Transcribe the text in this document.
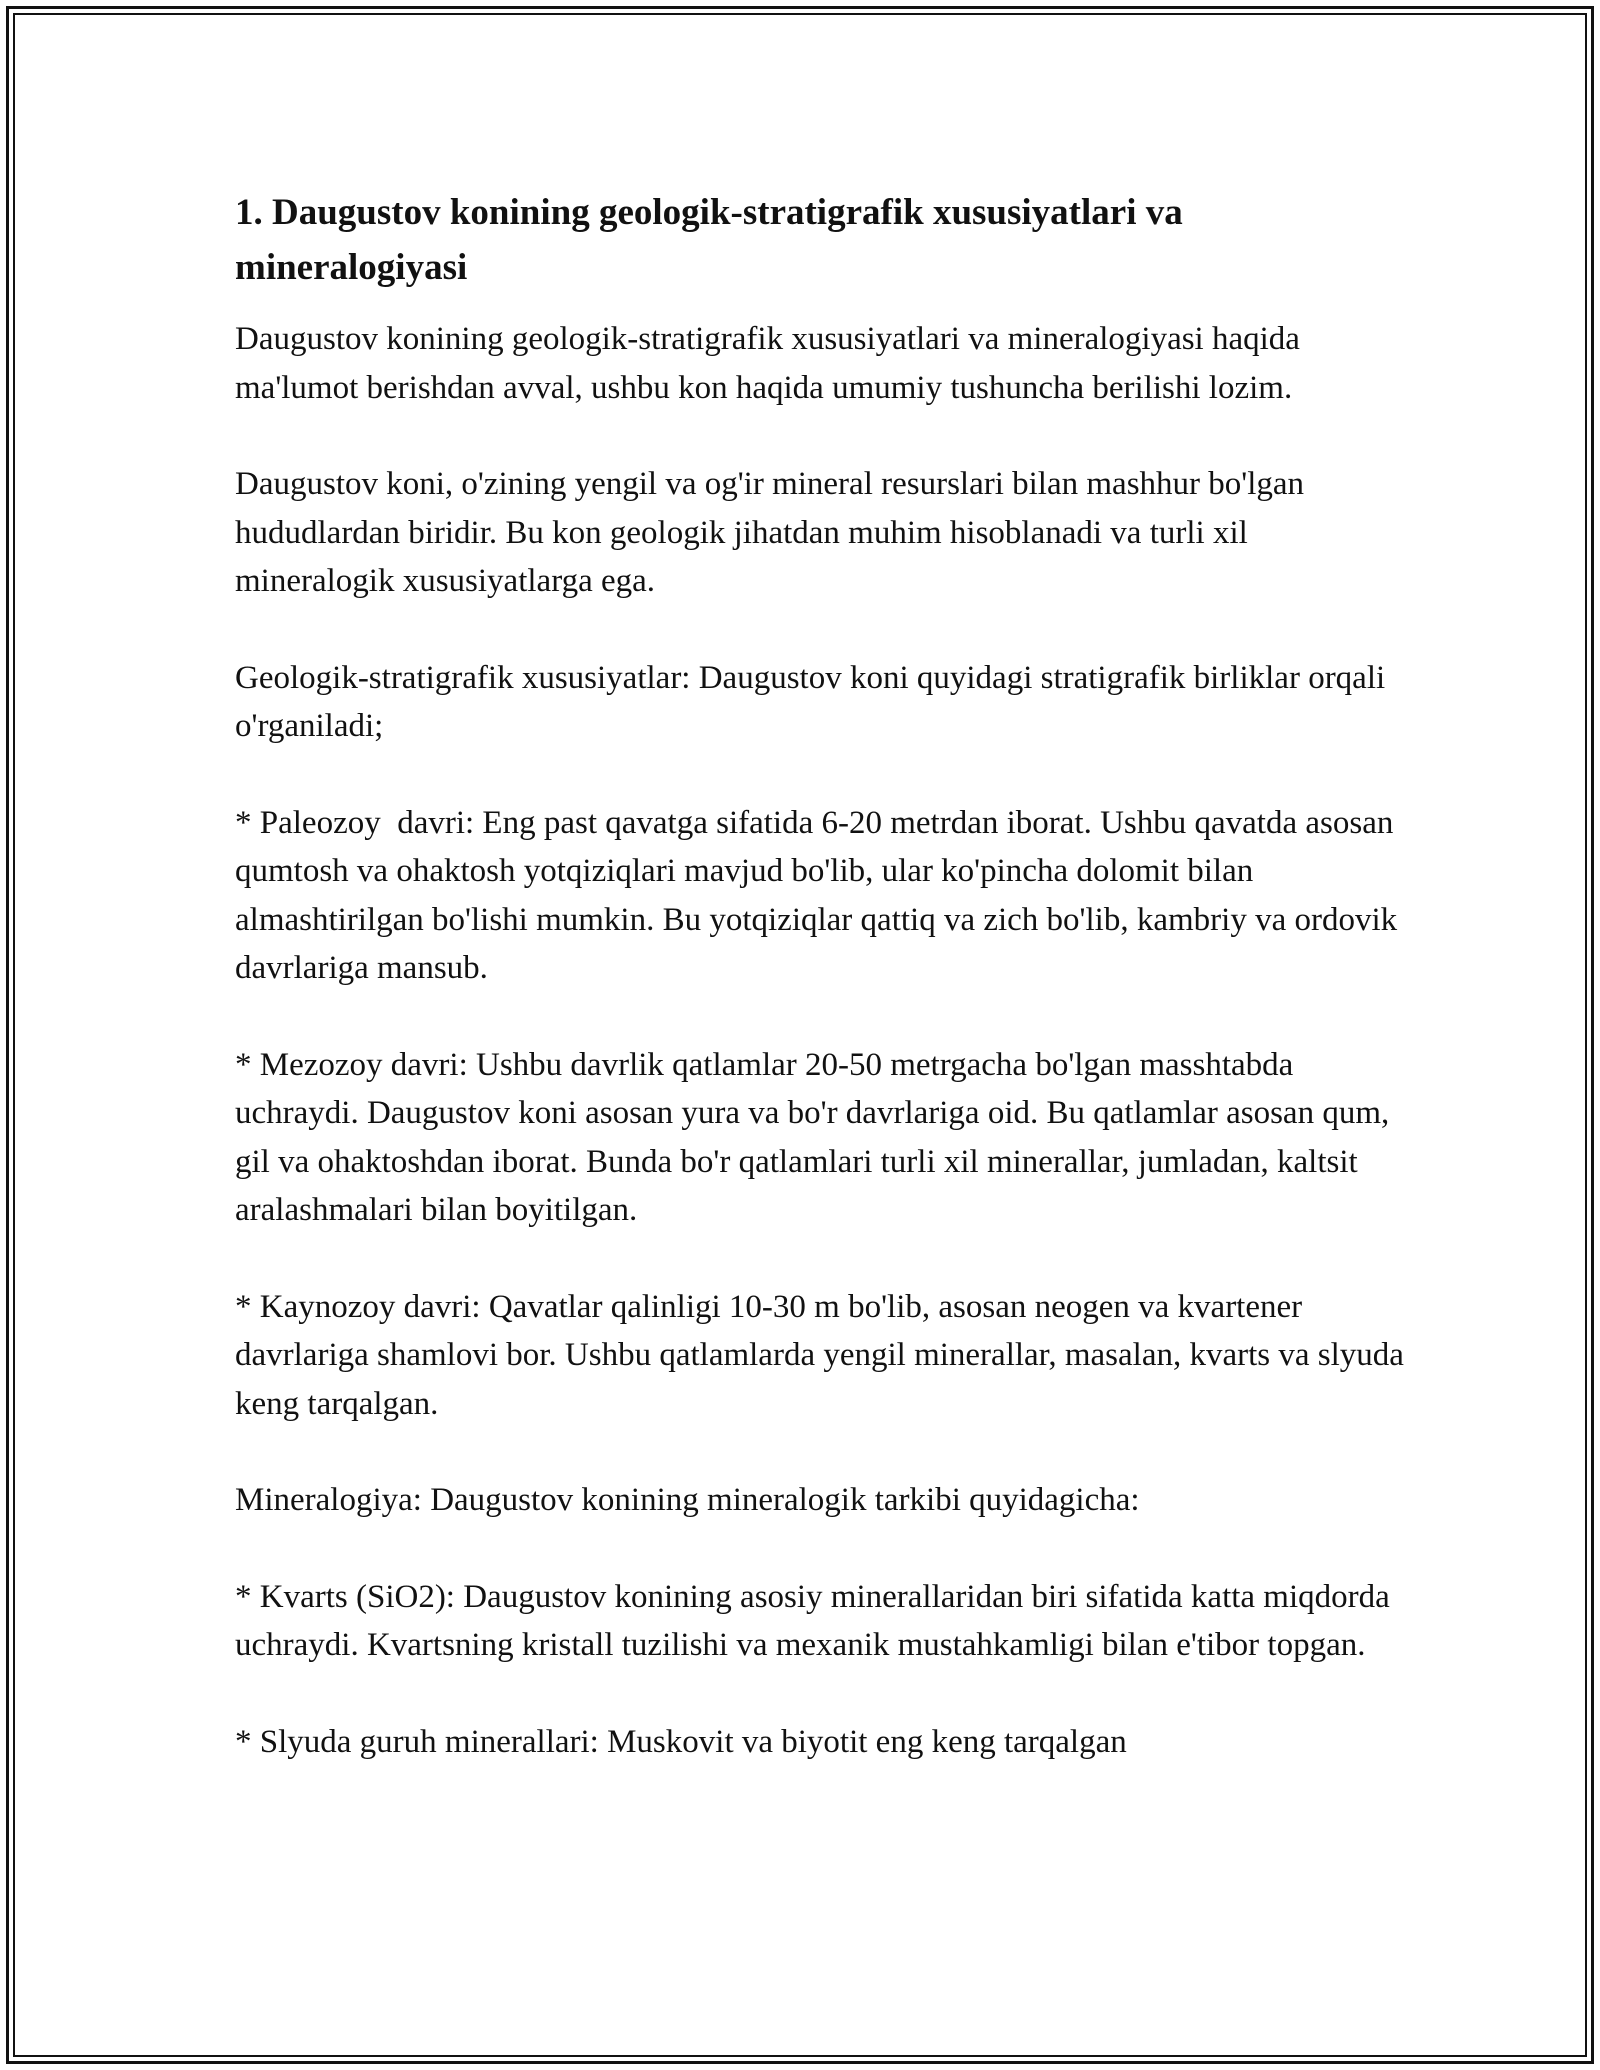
1. Daugustov konining geologik-stratigrafik xususiyatlari va mineralogiyasi

Daugustov konining geologik-stratigrafik xususiyatlari va mineralogiyasi haqida ma'lumot berishdan avval, ushbu kon haqida umumiy tushuncha berilishi lozim.

Daugustov koni, o'zining yengil va og'ir mineral resurslari bilan mashhur bo'lgan hududlardan biridir. Bu kon geologik jihatdan muhim hisoblanadi va turli xil mineralogik xususiyatlarga ega.

Geologik-stratigrafik xususiyatlar: Daugustov koni quyidagi stratigrafik birliklar orqali o'rganiladi;

* Paleozoy  davri: Eng past qavatga sifatida 6-20 metrdan iborat. Ushbu qavatda asosan qumtosh va ohaktosh yotqiziqlari mavjud bo'lib, ular ko'pincha dolomit bilan almashtirilgan bo'lishi mumkin. Bu yotqiziqlar qattiq va zich bo'lib, kambriy va ordovik davrlariga mansub.

* Mezozoy davri: Ushbu davrlik qatlamlar 20-50 metrgacha bo'lgan masshtabda uchraydi. Daugustov koni asosan yura va bo'r davrlariga oid. Bu qatlamlar asosan qum, gil va ohaktoshdan iborat. Bunda bo'r qatlamlari turli xil minerallar, jumladan, kaltsit aralashmalari bilan boyitilgan.

* Kaynozoy davri: Qavatlar qalinligi 10-30 m bo'lib, asosan neogen va kvartener davrlariga shamlovi bor. Ushbu qatlamlarda yengil minerallar, masalan, kvarts va slyuda keng tarqalgan.

Mineralogiya: Daugustov konining mineralogik tarkibi quyidagicha:

* Kvarts (SiO2): Daugustov konining asosiy minerallaridan biri sifatida katta miqdorda uchraydi. Kvartsning kristall tuzilishi va mexanik mustahkamligi bilan e'tibor topgan.

* Slyuda guruh minerallari: Muskovit va biyotit eng keng tarqalgan
